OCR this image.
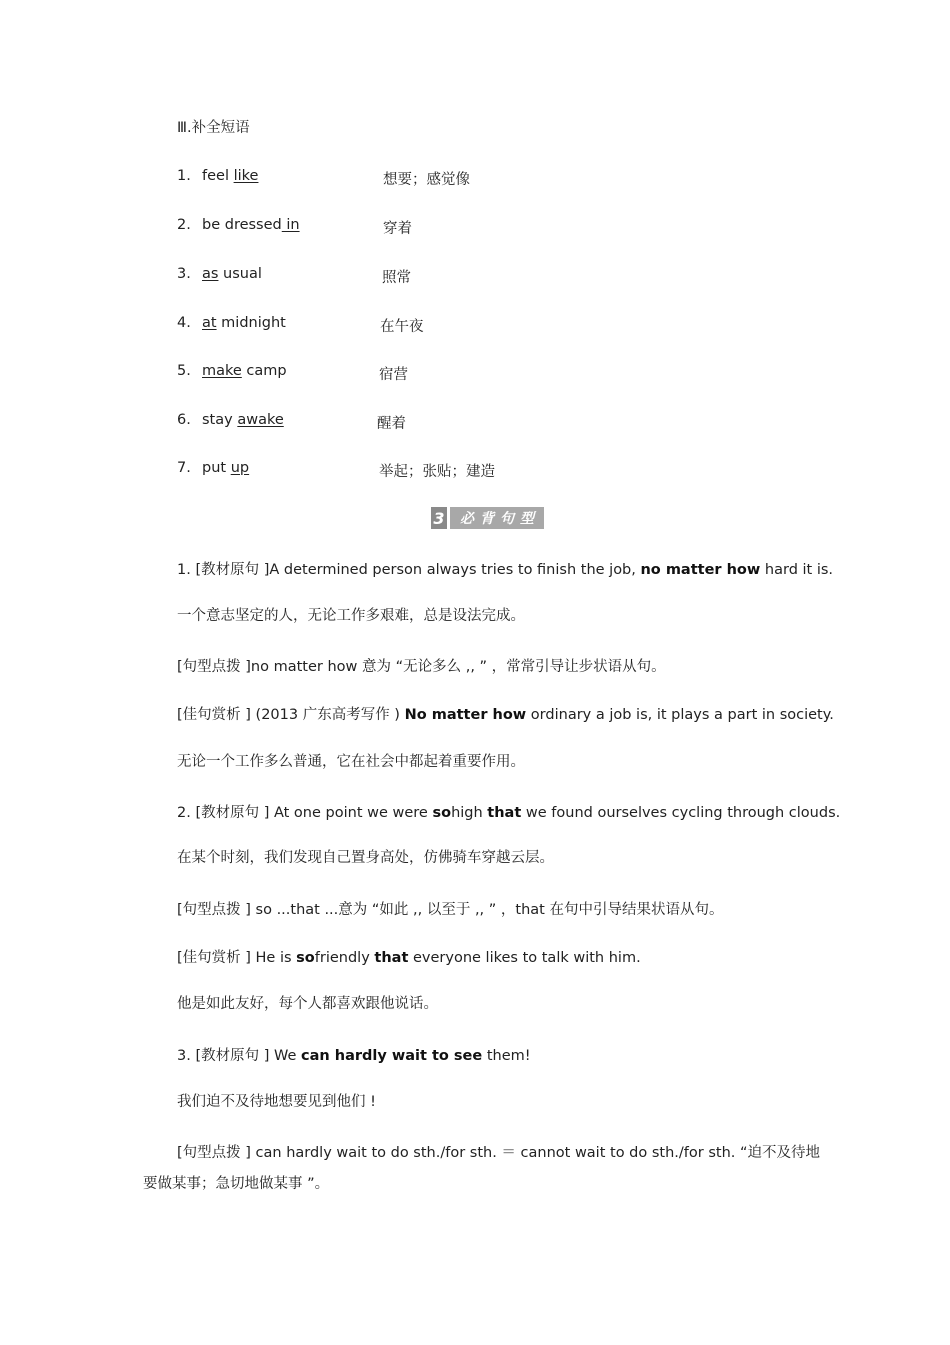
Ⅲ.补全短语
1. feel like	想要；感觉像
2. be dressed in	穿着
3. as usual	照常
4. at midnight	在午夜
5. make camp	宿营
6. stay awake	醒着
7. put up	举起；张贴；建造
3	必背句型
1. [教材原句 ]A determined person always tries to finish the job, no matter how hard it is.
一个意志坚定的人，无论工作多艰难，总是设法完成。
[句型点拨 ]no matter how 意为 “无论多么 ,, ” ，常常引导让步状语从句。
[佳句赏析 ] (2013 广东高考写作 ) No matter how ordinary a job is, it plays a part in society.
无论一个工作多么普通，它在社会中都起着重要作用。
2. [教材原句 ] At one point we were sohigh that we found ourselves cycling through clouds.
在某个时刻，我们发现自己置身高处，仿佛骑车穿越云层。
[句型点拨 ] so ...that ...意为 “如此 ,, 以至于 ,, ” ，that 在句中引导结果状语从句。
[佳句赏析 ] He is sofriendly that everyone likes to talk with him.
他是如此友好，每个人都喜欢跟他说话。
3. [教材原句 ] We can hardly wait to see them!
我们迫不及待地想要见到他们 !
[句型点拨 ] can hardly wait to do sth./for sth. ＝ cannot wait to do sth./for sth. “迫不及待地
要做某事；急切地做某事 ”。
